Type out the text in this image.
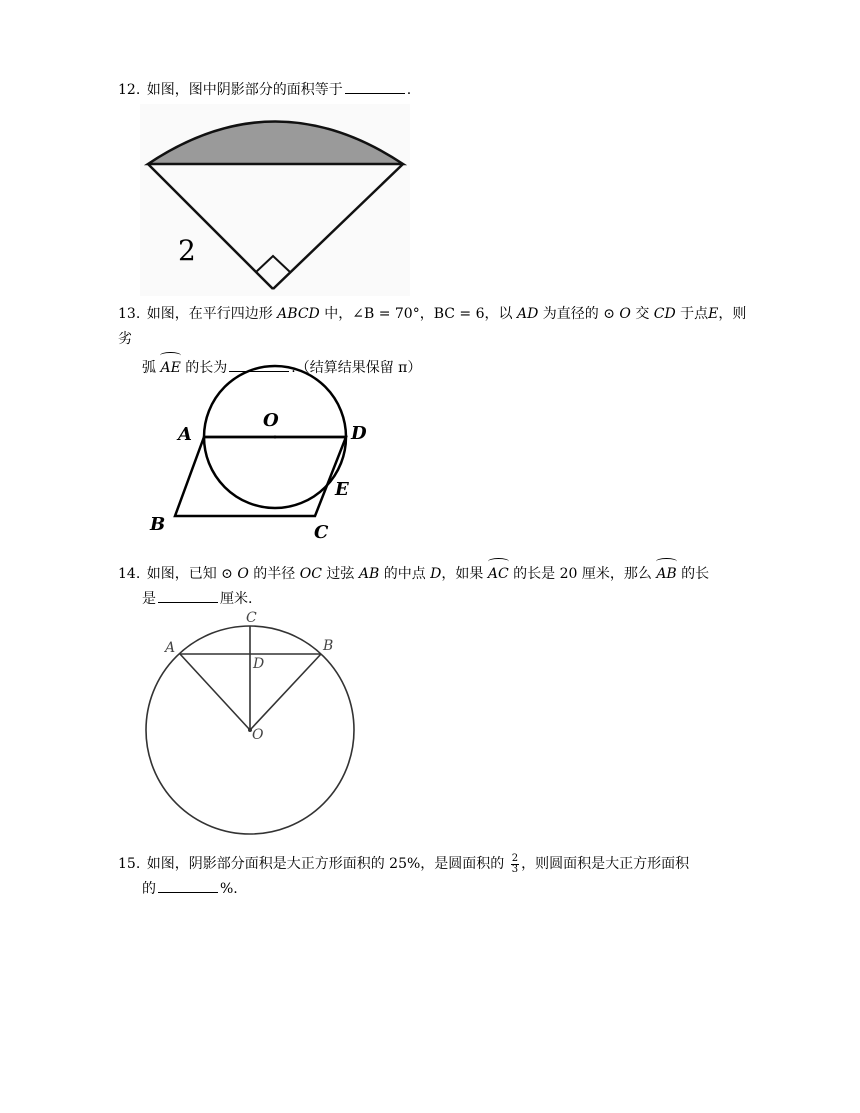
12. 如图，图中阴影部分的面积等于	.
2
13. 如图，在平行四边形 ABCD 中，∠B = 70°，BC = 6，以 AD 为直径的 ⊙ O 交 CD 于点E，则劣
弧 AE 的长为	.（结算结果保留 π）
O
A	D
E
B	C
14. 如图，已知 ⊙ O 的半径 OC 过弦 AB 的中点 D，如果 AC 的长是 20 厘米，那么 AB 的长
是	厘米.
C
A	B
D
O
15. 如图，阴影部分面积是大正方形面积的 25%，是圆面积的 $\frac{2}{3}$ ，则圆面积是大正方形面积
的	%.
